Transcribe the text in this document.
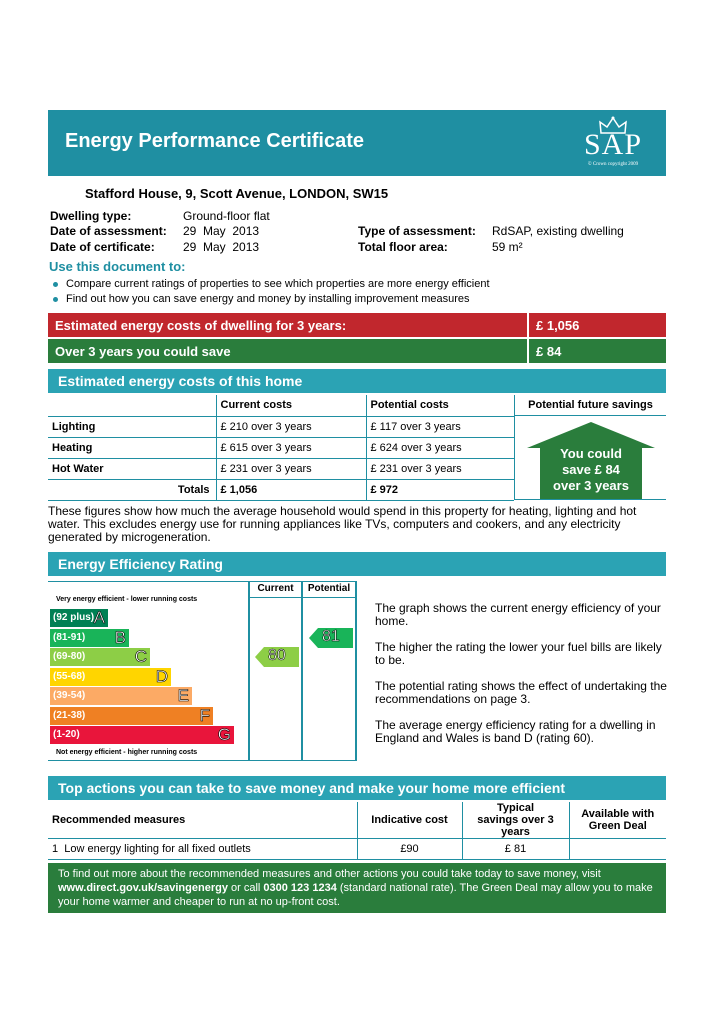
Energy Performance Certificate	SAP
© Crown copyright 2009
Stafford House, 9, Scott Avenue, LONDON, SW15
Dwelling type:	Ground-floor flat
Date of assessment: 29  May  2013
Date of certificate: 29  May  2013
Type of assessment: RdSAP, existing dwelling
Total floor area:	59 m²
Use this document to:
Compare current ratings of properties to see which properties are more energy efficient
Find out how you can save energy and money by installing improvement measures
Estimated energy costs of dwelling for 3 years:	£ 1,056
Over 3 years you could save	£ 84
Estimated energy costs of this home
	Current costs	Potential costs
Lighting	£ 210 over 3 years	£ 117 over 3 years
Heating	£ 615 over 3 years	£ 624 over 3 years
Hot Water	£ 231 over 3 years	£ 231 over 3 years
Totals	£ 1,056	£ 972
Potential future savings
You could
save £ 84
over 3 years
These figures show how much the average household would spend in this property for heating, lighting and hot water. This excludes energy use for running appliances like TVs, computers and cookers, and any electricity generated by microgeneration.
Energy Efficiency Rating
Current	Potential
Very energy efficient - lower running costs
Not energy efficient - higher running costs
(92 plus) A
(81-91) B
(69-80)	C
(55-68)	D
(39-54)	E
(21-38)	F
(1-20)	G
80
81
The graph shows the current energy efficiency of your home.
The higher the rating the lower your fuel bills are likely to be.
The potential rating shows the effect of undertaking the recommendations on page 3.
The average energy efficiency rating for a dwelling in England and Wales is band D (rating 60).
Top actions you can take to save money and make your home more efficient
Recommended measures	Indicative cost	Typical savings over 3 years	Available with Green Deal
1 Low energy lighting for all fixed outlets	£90	£ 81	
To find out more about the recommended measures and other actions you could take today to save money, visit www.direct.gov.uk/savingenergy or call 0300 123 1234 (standard national rate). The Green Deal may allow you to make your home warmer and cheaper to run at no up-front cost.
